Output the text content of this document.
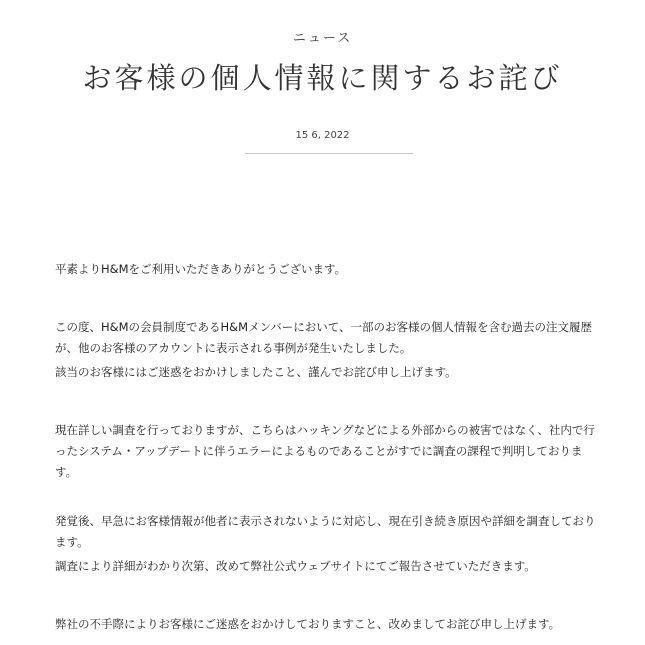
ニュース
お客様の個人情報に関するお詫び
15 6, 2022

平素よりH&Mをご利用いただきありがとうございます。

この度、H&Mの会員制度であるH&Mメンバーにおいて、一部のお客様の個人情報を含む過去の注文履歴
が、他のお客様のアカウントに表示される事例が発生いたしました。

該当のお客様にはご迷惑をおかけしましたこと、謹んでお詫び申し上げます。

現在詳しい調査を行っておりますが、こちらはハッキングなどによる外部からの被害ではなく、社内で行
ったシステム・アップデートに伴うエラーによるものであることがすでに調査の課程で判明しておりま
す。

発覚後、早急にお客様情報が他者に表示されないように対応し、現在引き続き原因や詳細を調査しており
ます。

調査により詳細がわかり次第、改めて弊社公式ウェブサイトにてご報告させていただきます。

弊社の不手際によりお客様にご迷惑をおかけしておりますこと、改めましてお詫び申し上げます。
